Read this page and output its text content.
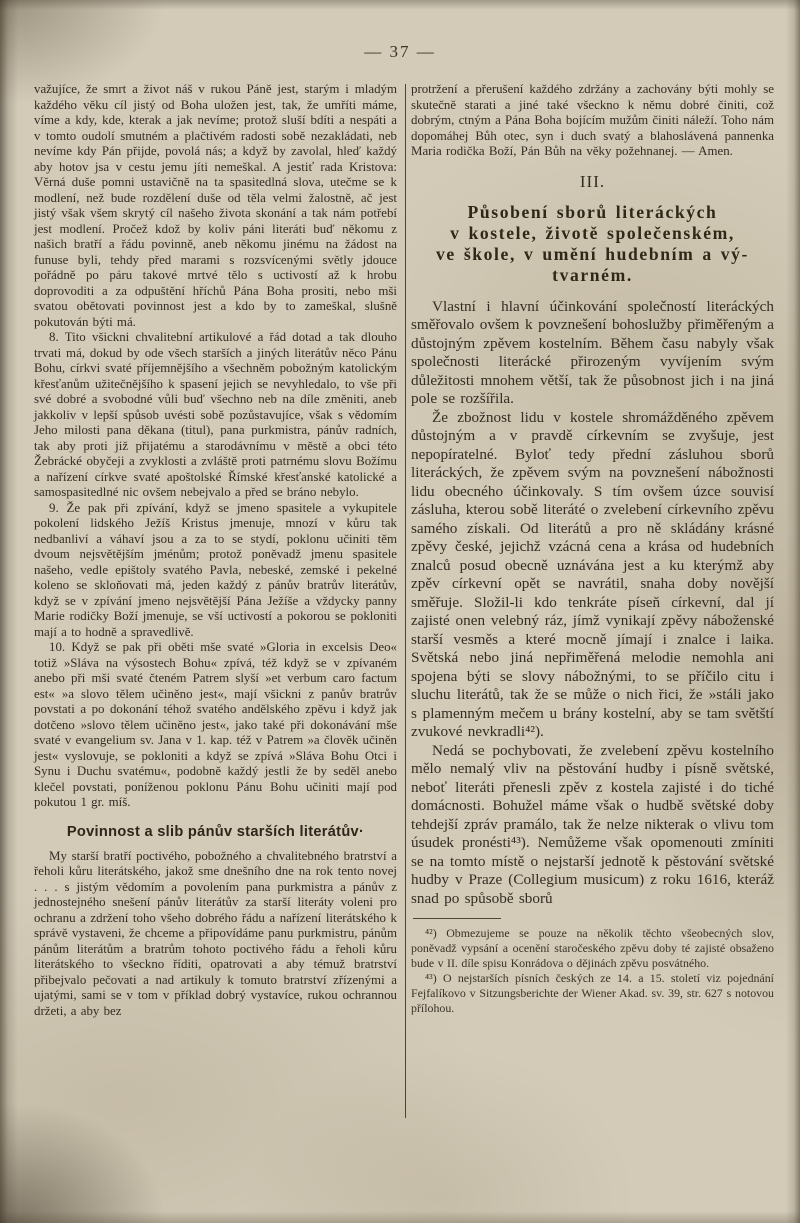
— 37 —

važujíce, že smrt a život náš v rukou Páně jest, starým i mladým každého věku cíl jistý od Boha uložen jest, tak, že umříti máme, víme a kdy, kde, kterak a jak nevíme; protož sluší bdíti a nespáti a v tomto oudolí smutném a plačtivém radosti sobě nezakládati, neb nevíme kdy Pán přijde, povolá nás; a když by zavolal, hleď každý aby hotov jsa v cestu jemu jíti nemeškal. A jestiť rada Kristova: Věrná duše pomni ustavičně na ta spasitedlná slova, utečme se k modlení, než bude rozdělení duše od těla velmi žalostně, ač jest jistý však všem skrytý cíl našeho života skonání a tak nám potřebí jest modlení. Pročež kdož by koliv páni literáti buď někomu z našich bratří a řádu povinně, aneb někomu jinému na žádost na funuse byli, tehdy před marami s rozsvícenými světly jdouce pořádně po páru takové mrtvé tělo s uctivostí až k hrobu doprovoditi a za odpuštění hříchů Pána Boha prositi, nebo mši svatou obětovati povinnost jest a kdo by to zameškal, slušně pokutován býti má.

8. Tito všickni chvalitební artikulové a řád dotad a tak dlouho trvati má, dokud by ode všech starších a jiných literátův něco Pánu Bohu, církvi svaté příjemnějšího a všechněm pobožným katolickým křesťanům užitečnějšího k spasení jejich se nevyhledalo, to vše při své dobré a svobodné vůli buď všechno neb na díle změniti, aneb jakkoliv v lepší spůsob uvésti sobě pozůstavujíce, však s vědomím Jeho milosti pana děkana (titul), pana purkmistra, pánův radních, tak aby proti již přijatému a starodávnímu v městě a obci této Žebrácké obyčeji a zvyklosti a zvláště proti patrnému slovu Božímu a nařízení církve svaté apoštolské Římské křesťanské katolické a samospasitedlné nic ovšem nebejvalo a před se bráno nebylo.

9. Že pak při zpívání, když se jmeno spasitele a vykupitele pokolení lidského Ježíš Kristus jmenuje, mnozí v kůru tak nedbanliví a váhaví jsou a za to se stydí, poklonu učiniti těm dvoum nejsvětějším jménům; protož poněvadž jmenu spasitele našeho, vedle epištoly svatého Pavla, nebeské, zemské i pekelné koleno se skloňovati má, jeden každý z pánův bratrův literátův, když se v zpívání jmeno nejsvětější Pána Ježíše a vždycky panny Marie rodičky Boží jmenuje, se vší uctivostí a pokorou se pokloniti mají a to hodně a spravedlivě.

10. Když se pak při oběti mše svaté »Gloria in excelsis Deo« totiž »Sláva na výsostech Bohu« zpívá, též když se v zpívaném anebo při mši svaté čteném Patrem slyší »et verbum caro factum est« »a slovo tělem učiněno jest«, mají všickni z panův bratrův povstati a po dokonání téhož svatého andělského zpěvu i když jak dotčeno »slovo tělem učiněno jest«, jako také při dokonávání mše svaté v evangelium sv. Jana v 1. kap. též v Patrem »a člověk učiněn jest« vyslovuje, se pokloniti a když se zpívá »Sláva Bohu Otci i Synu i Duchu svatému«, podobně každý jestli že by seděl anebo klečel povstati, poníženou poklonu Pánu Bohu učiniti mají pod pokutou 1 gr. míš.

Povinnost a slib pánův starších literátův·

My starší bratří poctivého, pobožného a chvalitebného bratrství a řeholi kůru literátského, jakož sme dnešního dne na rok tento novej . . . s jistým vědomím a povolením pana purkmistra a pánův z jednostejného snešení pánův literátův za starší literáty voleni pro ochranu a zdržení toho všeho dobrého řádu a nařízení literátského k správě vystaveni, že chceme a připovídáme panu purkmistru, pánům pánům literátům a bratrům tohoto poctivého řádu a řeholi kůru literátského to všeckno říditi, opatrovati a aby témuž bratrství přibejvalo pečovati a nad artikuly k tomuto bratrství zřízenými a ujatými, sami se v tom v příklad dobrý vystavíce, rukou ochrannou držeti, a aby bez

protržení a přerušení každého zdržány a zachovány býti mohly se skutečně starati a jiné také všeckno k němu dobré činiti, což dobrým, ctným a Pána Boha bojícím mužům činiti náleží. Toho nám dopomáhej Bůh otec, syn i duch svatý a blahoslávená pannenka Maria rodička Boží, Pán Bůh na věky požehnanej. — Amen.

III.
Působení sborů literáckých
v kostele, životě společenském,
ve škole, v umění hudebním a vý-
tvarném.

Vlastní i hlavní účinkování společností literáckých směřovalo ovšem k povznešení bohoslužby přiměřeným a důstojným zpěvem kostelním. Během času nabyly však společnosti literácké přirozeným vyvíjením svým důležitosti mnohem větší, tak že působnost jich i na jiná pole se rozšířila.

Že zbožnost lidu v kostele shromážděného zpěvem důstojným a v pravdě církevním se zvyšuje, jest nepopíratelné. Byloť tedy přední zásluhou sborů literáckých, že zpěvem svým na povznešení nábožnosti lidu obecného účinkovaly. S tím ovšem úzce souvisí zásluha, kterou sobě literáté o zvelebení církevního zpěvu samého získali. Od literátů a pro ně skládány krásné zpěvy české, jejichž vzácná cena a krása od hudebních znalců posud obecně uznávána jest a ku kterýmž aby zpěv církevní opět se navrátil, snaha doby novější směřuje. Složil-li kdo tenkráte píseň církevní, dal jí zajisté onen velebný ráz, jímž vynikají zpěvy náboženské starší vesměs a které mocně jímají i znalce i laika. Světská nebo jiná nepřiměřená melodie nemohla ani spojena býti se slovy nábožnými, to se příčilo citu i sluchu literátů, tak že se může o nich řici, že »stáli jako s plamenným mečem u brány kostelní, aby se tam světští zvukové nevkradli⁴²).

Nedá se pochybovati, že zvelebení zpěvu kostelního mělo nemalý vliv na pěstování hudby i písně světské, neboť literáti přenesli zpěv z kostela zajisté i do tiché domácnosti. Bohužel máme však o hudbě světské doby tehdejší zpráv pramálo, tak že nelze nikterak o vlivu tom úsudek pronésti⁴³). Nemůžeme však opomenouti zmíniti se na tomto místě o nejstarší jednotě k pěstování světské hudby v Praze (Collegium musicum) z roku 1616, kteráž snad po spůsobě sborů

⁴²) Obmezujeme se pouze na několik těchto všeobecných slov, poněvadž vypsání a ocenění staročeského zpěvu doby té zajisté obsaženo bude v II. díle spisu Konrádova o dějinách zpěvu posvátného.

⁴³) O nejstarších písních českých ze 14. a 15. století viz pojednání Fejfalíkovo v Sitzungsberichte der Wiener Akad. sv. 39, str. 627 s notovou přílohou.
